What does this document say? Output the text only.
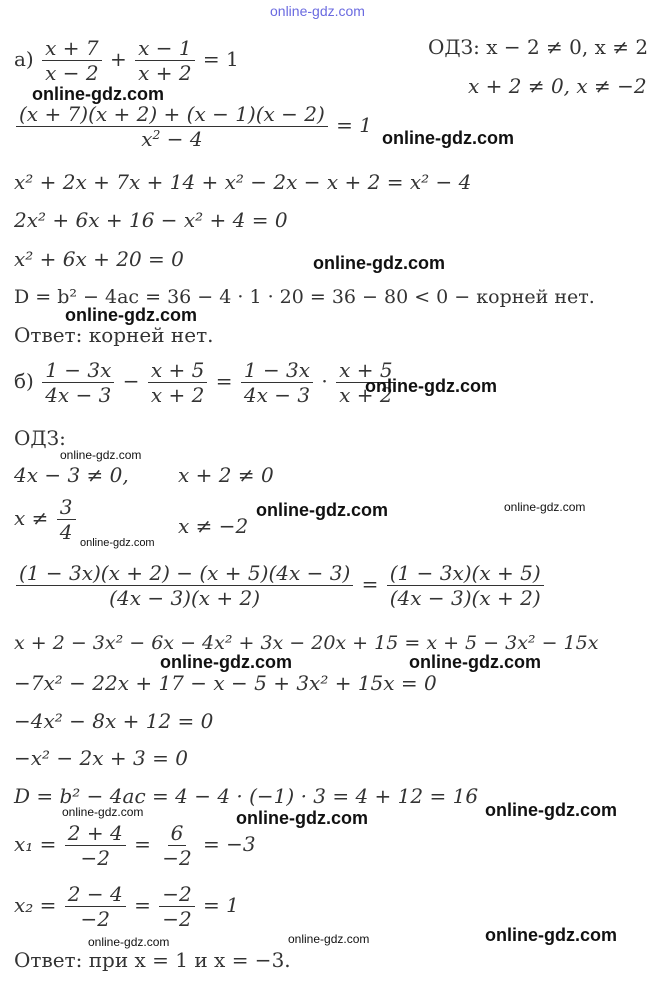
online-gdz.com
$а) \frac{x + 7}{x - 2} + \frac{x - 1}{x + 2} = 1$	ОДЗ: x − 2 ≠ 0, x ≠ 2
x + 2 ≠ 0, x ≠ −2
$\frac{(x + 7)(x + 2) + (x - 1)(x - 2)}{x^2 - 4} = 1$
x² + 2x + 7x + 14 + x² − 2x − x + 2 = x² − 4
2x² + 6x + 16 − x² + 4 = 0
x² + 6x + 20 = 0
D = b² − 4ac = 36 − 4 · 1 · 20 = 36 − 80 < 0 − корней нет.
Ответ: корней нет.
$б) \frac{1 - 3x}{4x - 3} - \frac{x + 5}{x + 2} = \frac{1 - 3x}{4x - 3} \cdot \frac{x + 5}{x + 2}$
ОДЗ:
4x − 3 ≠ 0, x + 2 ≠ 0
$x \ne \frac{3}{4}$	x ≠ −2
$\frac{(1 - 3x)(x + 2) - (x + 5)(4x - 3)}{(4x - 3)(x + 2)} = \frac{(1 - 3x)(x + 5)}{(4x - 3)(x + 2)}$
x + 2 − 3x² − 6x − 4x² + 3x − 20x + 15 = x + 5 − 3x² − 15x
−7x² − 22x + 17 − x − 5 + 3x² + 15x = 0
−4x² − 8x + 12 = 0
−x² − 2x + 3 = 0
D = b² − 4ac = 4 − 4 · (−1) · 3 = 4 + 12 = 16
$x_1 = \frac{2 + 4}{-2} = \frac{6}{-2} = -3$
$x_2 = \frac{2 - 4}{-2} = \frac{-2}{-2} = 1$
Ответ: при x = 1 и x = −3.
online-gdz.com
online-gdz.com
online-gdz.com
online-gdz.com
online-gdz.com
online-gdz.com
online-gdz.com	online-gdz.com
online-gdz.com
online-gdz.com	online-gdz.com
online-gdz.com
online-gdz.com
online-gdz.com
online-gdz.com	online-gdz.com	online-gdz.com
